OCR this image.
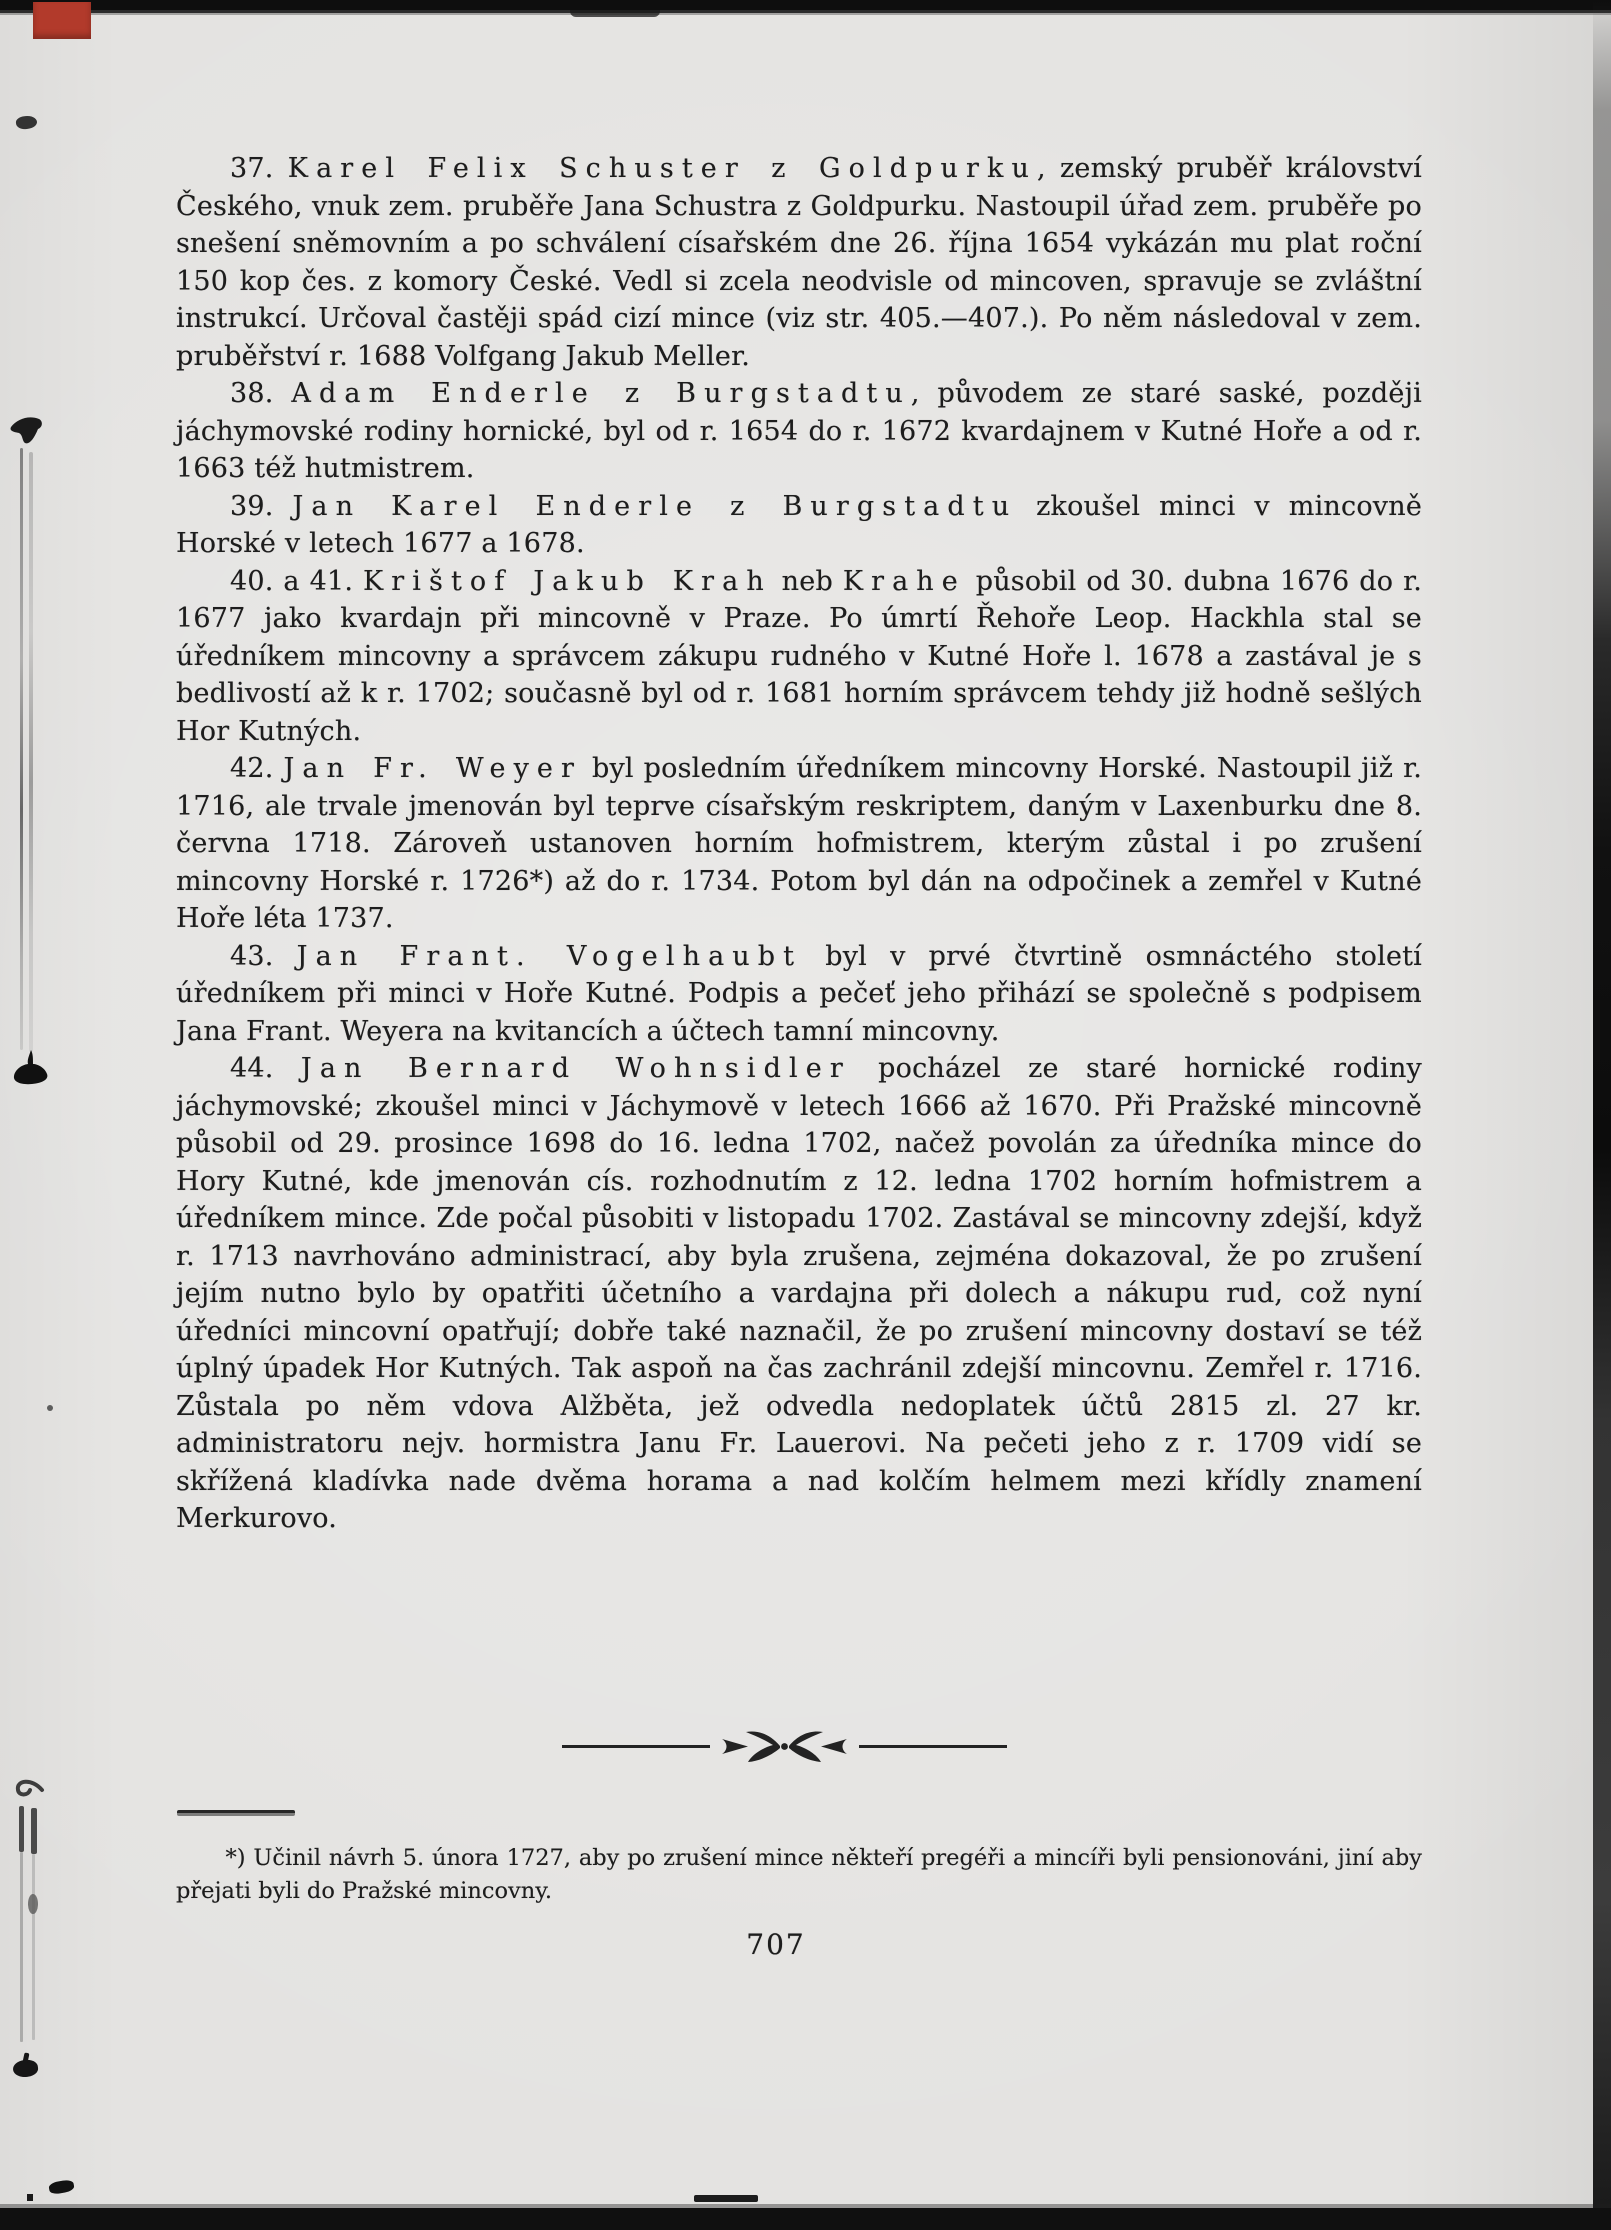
37. Karel Felix Schuster z Goldpurku, zemský pruběř království Českého, vnuk zem. pruběře Jana Schustra z Goldpurku. Nastoupil úřad zem. pruběře po snešení sněmovním a po schválení císařském dne 26. října 1654 vykázán mu plat roční 150 kop čes. z komory České. Vedl si zcela neodvisle od mincoven, spravuje se zvláštní instrukcí. Určoval častěji spád cizí mince (viz str. 405.—407.). Po něm následoval v zem. pruběřství r. 1688 Volfgang Jakub Meller.

38. Adam Enderle z Burgstadtu, původem ze staré saské, později jáchymovské rodiny hornické, byl od r. 1654 do r. 1672 kvardajnem v Kutné Hoře a od r. 1663 též hutmistrem.

39. Jan Karel Enderle z Burgstadtu zkoušel minci v mincovně Horské v letech 1677 a 1678.

40. a 41. Krištof Jakub Krah neb Krahe působil od 30. dubna 1676 do r. 1677 jako kvardajn při mincovně v Praze. Po úmrtí Řehoře Leop. Hackhla stal se úředníkem mincovny a správcem zákupu rudného v Kutné Hoře l. 1678 a zastával je s bedlivostí až k r. 1702; současně byl od r. 1681 horním správcem tehdy již hodně sešlých Hor Kutných.

42. Jan Fr. Weyer byl posledním úředníkem mincovny Horské. Nastoupil již r. 1716, ale trvale jmenován byl teprve císařským reskriptem, daným v Laxenburku dne 8. června 1718. Zároveň ustanoven horním hofmistrem, kterým zůstal i po zrušení mincovny Horské r. 1726*) až do r. 1734. Potom byl dán na odpočinek a zemřel v Kutné Hoře léta 1737.

43. Jan Frant. Vogelhaubt byl v prvé čtvrtině osmnáctého století úředníkem při minci v Hoře Kutné. Podpis a pečeť jeho přihází se společně s podpisem Jana Frant. Weyera na kvitancích a účtech tamní mincovny.

44. Jan Bernard Wohnsidler pocházel ze staré hornické rodiny jáchymovské; zkoušel minci v Jáchymově v letech 1666 až 1670. Při Pražské mincovně působil od 29. prosince 1698 do 16. ledna 1702, načež povolán za úředníka mince do Hory Kutné, kde jmenován cís. rozhodnutím z 12. ledna 1702 horním hofmistrem a úředníkem mince. Zde počal působiti v listopadu 1702. Zastával se mincovny zdejší, když r. 1713 navrhováno administrací, aby byla zrušena, zejména dokazoval, že po zrušení jejím nutno bylo by opatřiti účetního a vardajna při dolech a nákupu rud, což nyní úředníci mincovní opatřují; dobře také naznačil, že po zrušení mincovny dostaví se též úplný úpadek Hor Kutných. Tak aspoň na čas zachránil zdejší mincovnu. Zemřel r. 1716. Zůstala po něm vdova Alžběta, jež odvedla nedoplatek účtů 2815 zl. 27 kr. administratoru nejv. hormistra Janu Fr. Lauerovi. Na pečeti jeho z r. 1709 vidí se skřížená kladívka nade dvěma horama a nad kolčím helmem mezi křídly znamení Merkurovo.

*) Učinil návrh 5. února 1727, aby po zrušení mince někteří pregéři a mincíři byli pensionováni, jiní aby přejati byli do Pražské mincovny.

707
